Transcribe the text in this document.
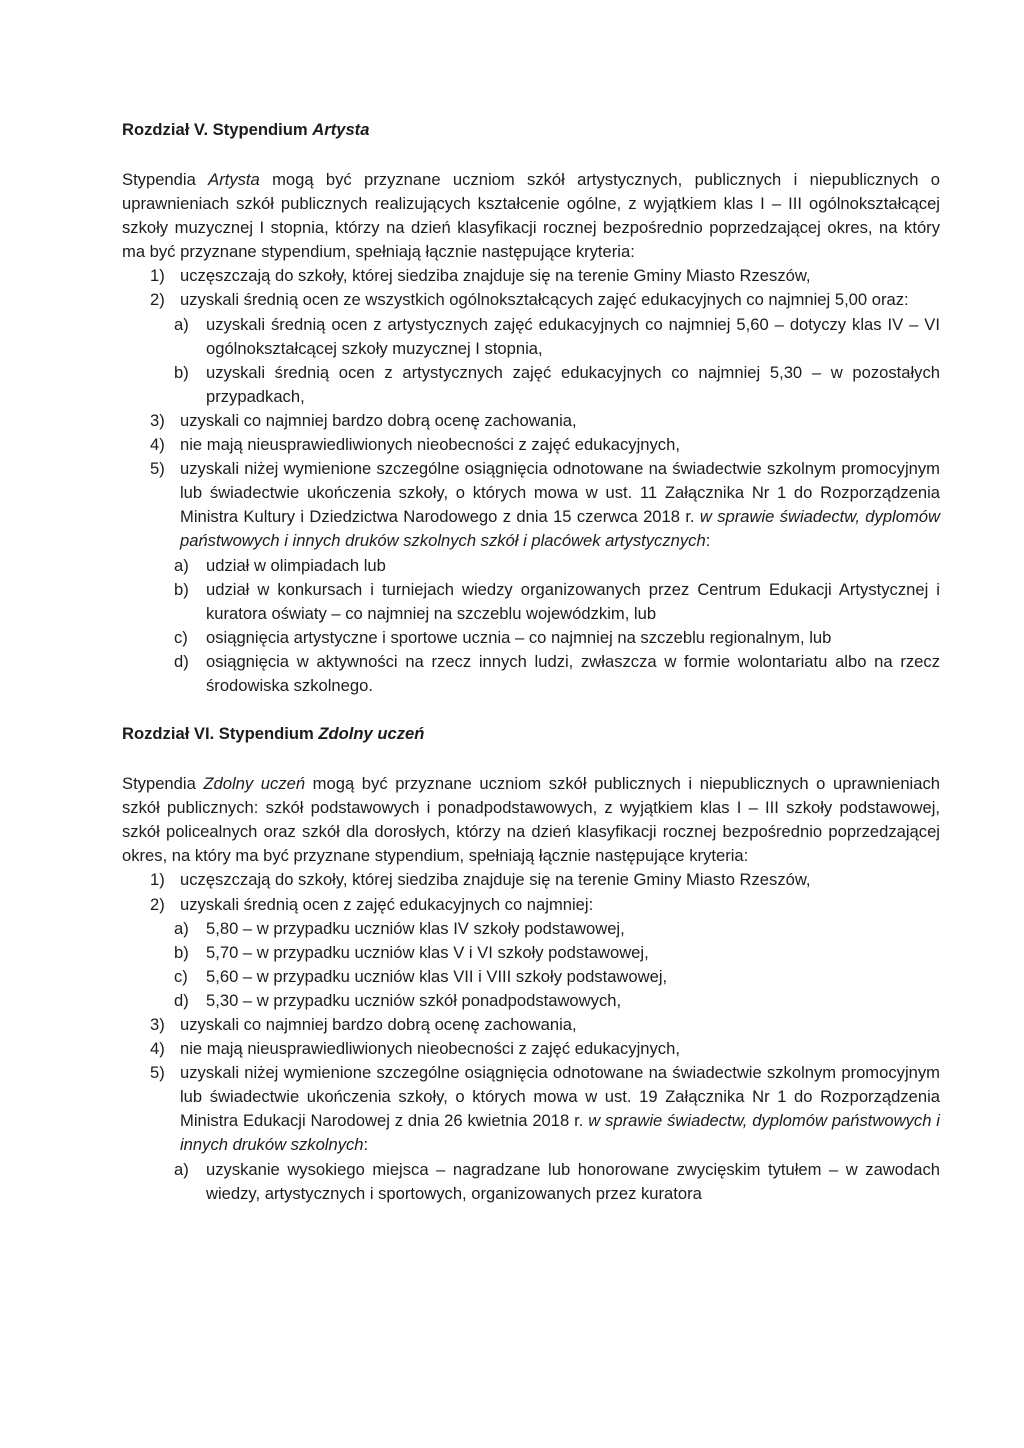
Rozdział V. Stypendium Artysta

Stypendia Artysta mogą być przyznane uczniom szkół artystycznych, publicznych i niepublicznych o uprawnieniach szkół publicznych realizujących kształcenie ogólne, z wyjątkiem klas I – III ogólnokształcącej szkoły muzycznej I stopnia, którzy na dzień klasyfikacji rocznej bezpośrednio poprzedzającej okres, na który ma być przyznane stypendium, spełniają łącznie następujące kryteria:

1) uczęszczają do szkoły, której siedziba znajduje się na terenie Gminy Miasto Rzeszów,
2) uzyskali średnią ocen ze wszystkich ogólnokształcących zajęć edukacyjnych co najmniej 5,00 oraz:
a) uzyskali średnią ocen z artystycznych zajęć edukacyjnych co najmniej 5,60 – dotyczy klas IV – VI ogólnokształcącej szkoły muzycznej I stopnia,
b) uzyskali średnią ocen z artystycznych zajęć edukacyjnych co najmniej 5,30 – w pozostałych przypadkach,
3) uzyskali co najmniej bardzo dobrą ocenę zachowania,
4) nie mają nieusprawiedliwionych nieobecności z zajęć edukacyjnych,
5) uzyskali niżej wymienione szczególne osiągnięcia odnotowane na świadectwie szkolnym promocyjnym lub świadectwie ukończenia szkoły, o których mowa w ust. 11 Załącznika Nr 1 do Rozporządzenia Ministra Kultury i Dziedzictwa Narodowego z dnia 15 czerwca 2018 r. w sprawie świadectw, dyplomów państwowych i innych druków szkolnych szkół i placówek artystycznych:
a) udział w olimpiadach lub
b) udział w konkursach i turniejach wiedzy organizowanych przez Centrum Edukacji Artystycznej i kuratora oświaty – co najmniej na szczeblu wojewódzkim, lub
c) osiągnięcia artystyczne i sportowe ucznia – co najmniej na szczeblu regionalnym, lub
d) osiągnięcia w aktywności na rzecz innych ludzi, zwłaszcza w formie wolontariatu albo na rzecz środowiska szkolnego.
Rozdział VI. Stypendium Zdolny uczeń

Stypendia Zdolny uczeń mogą być przyznane uczniom szkół publicznych i niepublicznych o uprawnieniach szkół publicznych: szkół podstawowych i ponadpodstawowych, z wyjątkiem klas I – III szkoły podstawowej, szkół policealnych oraz szkół dla dorosłych, którzy na dzień klasyfikacji rocznej bezpośrednio poprzedzającej okres, na który ma być przyznane stypendium, spełniają łącznie następujące kryteria:

1) uczęszczają do szkoły, której siedziba znajduje się na terenie Gminy Miasto Rzeszów,
2) uzyskali średnią ocen z zajęć edukacyjnych co najmniej:
a) 5,80 – w przypadku uczniów klas IV szkoły podstawowej,
b) 5,70 – w przypadku uczniów klas V i VI szkoły podstawowej,
c) 5,60 – w przypadku uczniów klas VII i VIII szkoły podstawowej,
d) 5,30 – w przypadku uczniów szkół ponadpodstawowych,
3) uzyskali co najmniej bardzo dobrą ocenę zachowania,
4) nie mają nieusprawiedliwionych nieobecności z zajęć edukacyjnych,
5) uzyskali niżej wymienione szczególne osiągnięcia odnotowane na świadectwie szkolnym promocyjnym lub świadectwie ukończenia szkoły, o których mowa w ust. 19 Załącznika Nr 1 do Rozporządzenia Ministra Edukacji Narodowej z dnia 26 kwietnia 2018 r. w sprawie świadectw, dyplomów państwowych i innych druków szkolnych:
a) uzyskanie wysokiego miejsca – nagradzane lub honorowane zwycięskim tytułem – w zawodach wiedzy, artystycznych i sportowych, organizowanych przez kuratora
